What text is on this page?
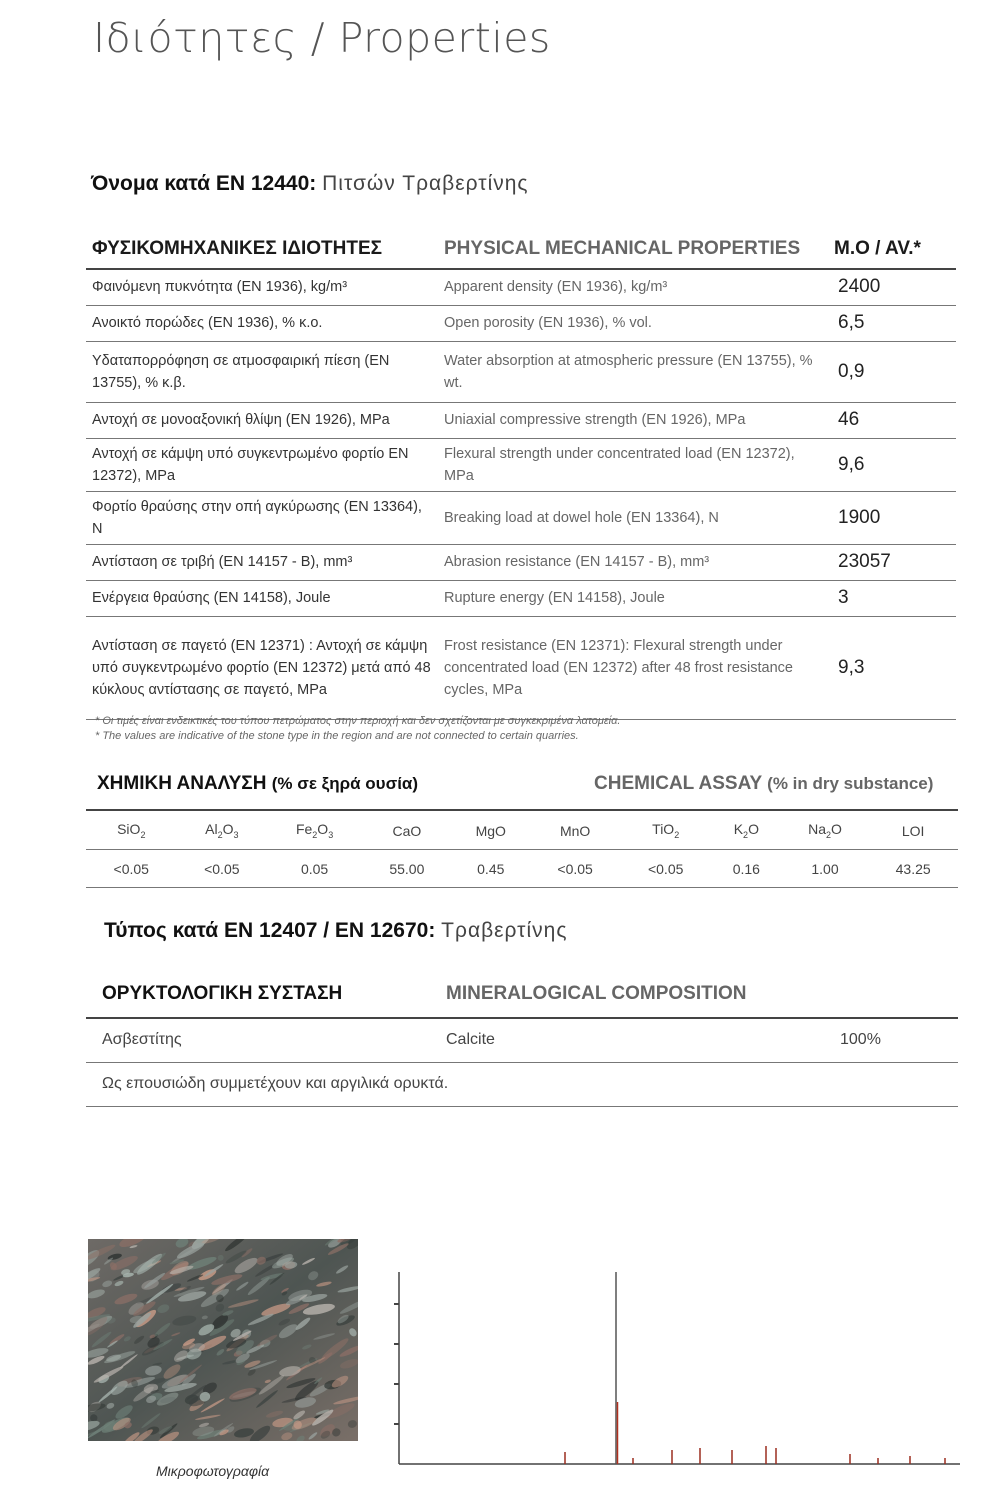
Ιδιότητες / Properties
Όνομα κατά EN 12440: Πιτσών Τραβερτίνης
ΦΥΣΙΚΟΜΗΧΑΝΙΚΕΣ ΙΔΙΟΤΗΤΕΣ	PHYSICAL MECHANICAL PROPERTIES	M.O / AV.*
Φαινόμενη πυκνότητα (EN 1936), kg/m³	Apparent density (EN 1936), kg/m³	2400
Ανοικτό πορώδες (EN 1936), % κ.ο.	Open porosity (EN 1936), % vol.	6,5
Υδαταπορρόφηση σε ατμοσφαιρική πίεση (EN 13755), % κ.β.	Water absorption at atmospheric pressure (EN 13755), % wt.	0,9
Αντοχή σε μονοαξονική θλίψη (EN 1926), MPa	Uniaxial compressive strength (EN 1926), MPa	46
Αντοχή σε κάμψη υπό συγκεντρωμένο φορτίο EN 12372), MPa	Flexural strength under concentrated load (EN 12372), MPa	9,6
Φορτίο θραύσης στην οπή αγκύρωσης (EN 13364), N	Breaking load at dowel hole (EN 13364), N	1900
Αντίσταση σε τριβή (EN 14157 - B), mm³	Abrasion resistance (EN 14157 - B), mm³	23057
Ενέργεια θραύσης (EN 14158), Joule	Rupture energy (EN 14158), Joule	3
Αντίσταση σε παγετό (EN 12371) : Αντοχή σε κάμψη υπό συγκεντρωμένο φορτίο (EN 12372) μετά από 48 κύκλους αντίστασης σε παγετό, MPa	Frost resistance (EN 12371): Flexural strength under concentrated load (EN 12372) after 48 frost resistance cycles, MPa	9,3
* Οι τιμές είναι ενδεικτικές του τύπου πετρώματος στην περιοχή και δεν σχετίζονται με συγκεκριμένα λατομεία.
* The values are indicative of the stone type in the region and are not connected to certain quarries.
ΧΗΜΙΚΗ ΑΝΑΛΥΣΗ (% σε ξηρά ουσία)	CHEMICAL ASSAY (% in dry substance)
SiO$_2$	$Al_2O_3$	$Fe_2O_3$	CaO	MgO	MnO	TiO$_2$	$K_2O$	$Na_2O$	LOI
<0.05	<0.05	0.05	55.00	0.45	<0.05	<0.05	0.16	1.00	43.25
Τύπος κατά EN 12407 / EN 12670: Τραβερτίνης
ΟΡΥΚΤΟΛΟΓΙΚΗ ΣΥΣΤΑΣΗ	MINERALOGICAL COMPOSITION
Ασβεστίτης	Calcite	100%
Ως επουσιώδη συμμετέχουν και αργιλικά ορυκτά.
Μικροφωτογραφία
